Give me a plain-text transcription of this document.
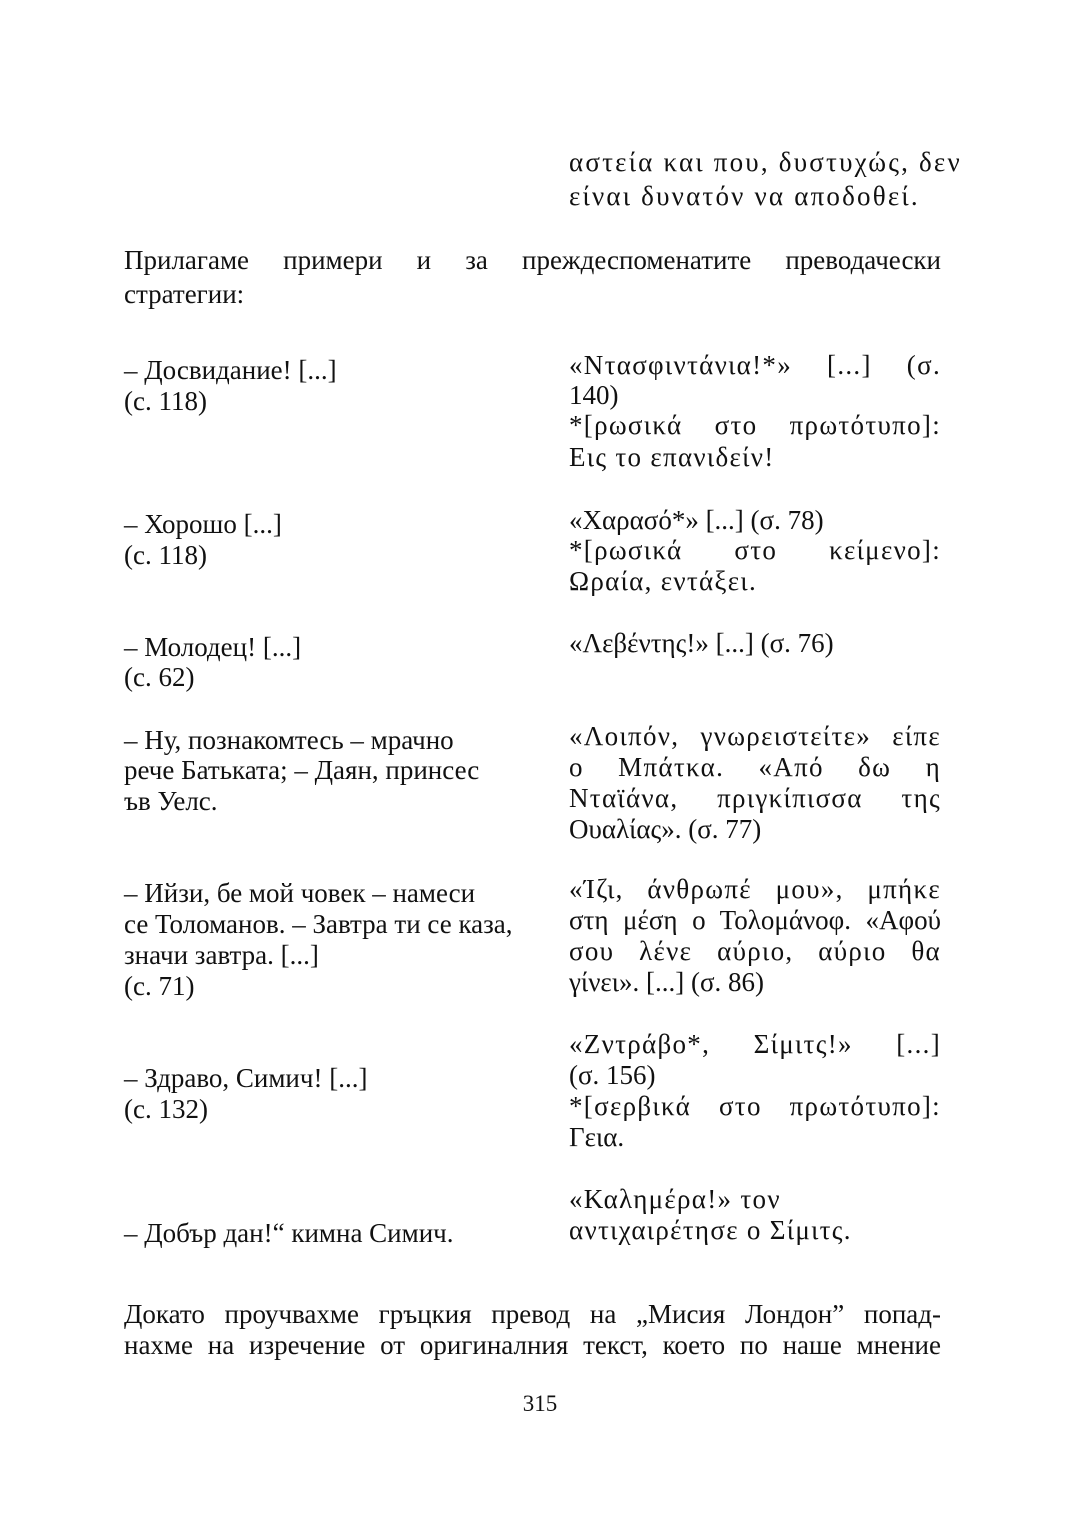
αστεία και που, δυστυχώς, δεν

είναι δυνατόν να αποδοθεί.

Прилагаме примери и за преждеспоменатите преводачески

стратегии:

– Досвидание! [...]

(с. 118)

«Ντασφιντάνια!*» [...] (σ.

140)

*[ρωσικά στο πρωτότυπο]:

Εις το επανιδείν!

– Хорошо [...]

(с. 118)

«Χαρασό*» [...] (σ. 78)

*[ρωσικά στο κείμενο]:

Ωραία, εντάξει.

– Молодец! [...]

(с. 62)

«Λεβέντης!» [...] (σ. 76)

– Ну, познакомтесь – мрачно

рече Батьката; – Даян, принсес

ъв Уелс.

«Λοιπόν, γνωρειστείτε» είπε

ο Μπάτκα. «Από δω η

Νταϊάνα, πριγκίπισσα της

Ουαλίας». (σ. 77)

– Ийзи, бе мой човек – намеси

се Толоманов. – Завтра ти се каза,

значи завтра. [...]

(с. 71)

«Ίζι, άνθρωπέ μου», μπήκε

στη μέση ο Τολομάνοφ. «Αφού

σου λένε αύριο, αύριο θα

γίνει». [...] (σ. 86)

– Здраво, Симич! [...]

(с. 132)

«Ζντράβο*, Σίμιτς!» [...]

(σ. 156)

*[σερβικά στο πρωτότυπο]:

Γεια.

– Добър дан!“ кимна Симич.

«Καλημέρα!» τον

αντιχαιρέτησε ο Σίμιτς.

Докато проучвахме гръцкия превод на „Мисия Лондон” попад-

нахме на изречение от оригиналния текст, което по наше мнение

315
